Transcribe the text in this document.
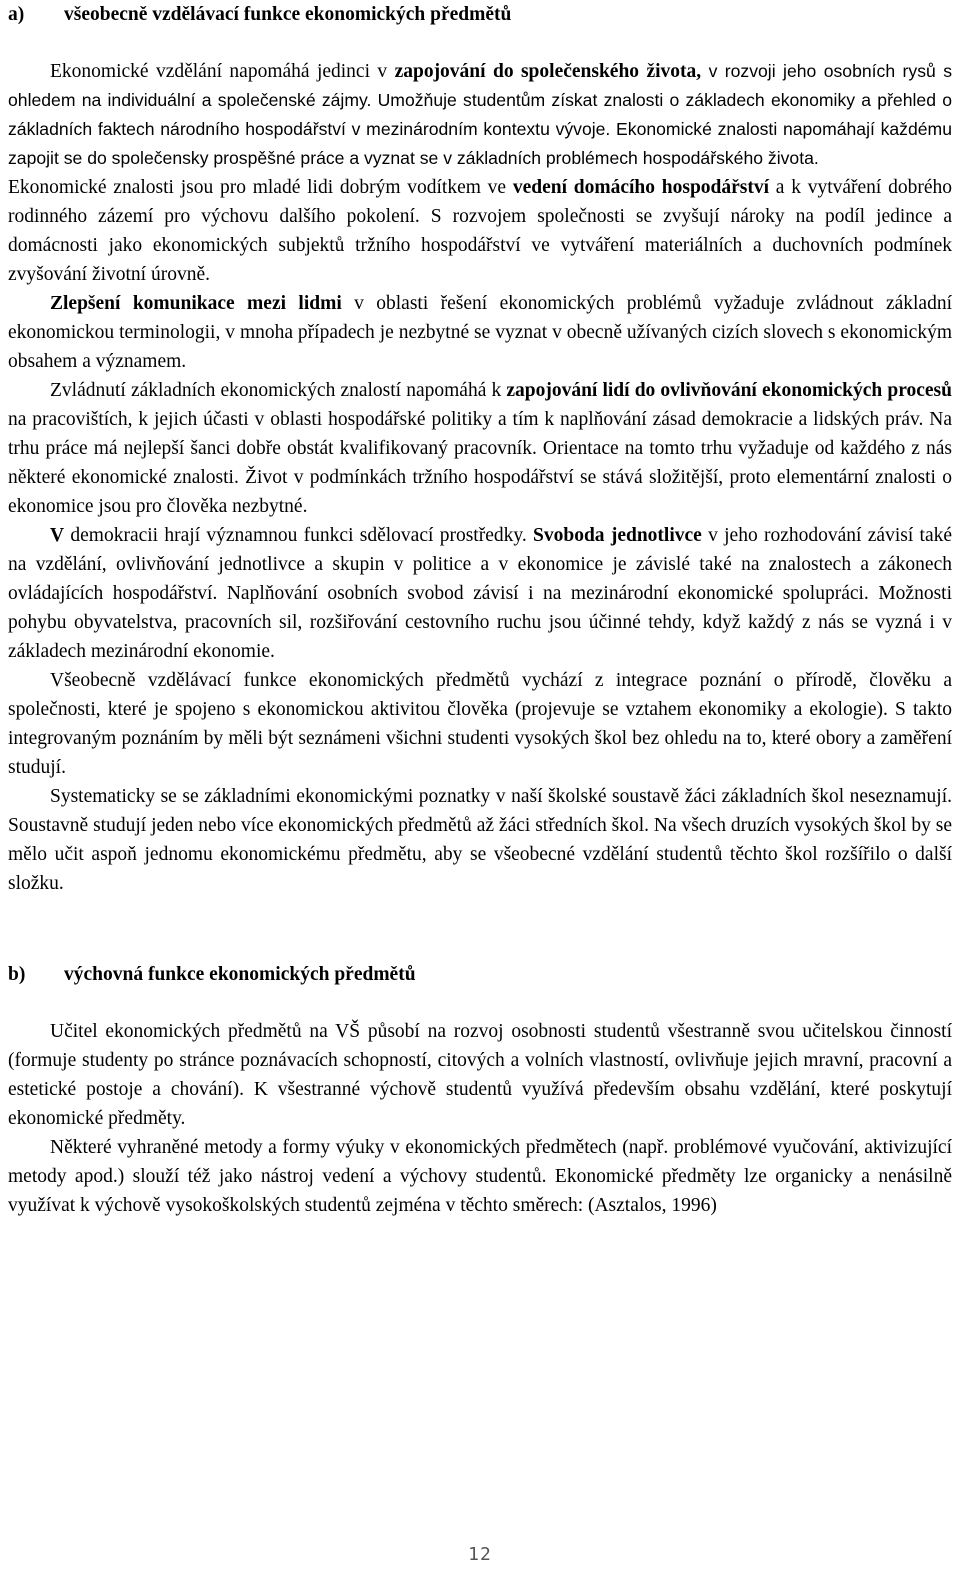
a) všeobecně vzdělávací funkce ekonomických předmětů

Ekonomické vzdělání napomáhá jedinci v zapojování do společenského života, v rozvoji jeho osobních rysů s ohledem na individuální a společenské zájmy. Umožňuje studentům získat znalosti o základech ekonomiky a přehled o základních faktech národního hospodářství v mezinárodním kontextu vývoje. Ekonomické znalosti napomáhají každému zapojit se do společensky prospěšné práce a vyznat se v základních problémech hospodářského života.

Ekonomické znalosti jsou pro mladé lidi dobrým vodítkem ve vedení domácího hospodářství a k vytváření dobrého rodinného zázemí pro výchovu dalšího pokolení. S rozvojem společnosti se zvyšují nároky na podíl jedince a domácnosti jako ekonomických subjektů tržního hospodářství ve vytváření materiálních a duchovních podmínek zvyšování životní úrovně.

Zlepšení komunikace mezi lidmi v oblasti řešení ekonomických problémů vyžaduje zvládnout základní ekonomickou terminologii, v mnoha případech je nezbytné se vyznat v obecně užívaných cizích slovech s ekonomickým obsahem a významem.

Zvládnutí základních ekonomických znalostí napomáhá k zapojování lidí do ovlivňování ekonomických procesů na pracovištích, k jejich účasti v oblasti hospodářské politiky a tím k naplňování zásad demokracie a lidských práv. Na trhu práce má nejlepší šanci dobře obstát kvalifikovaný pracovník. Orientace na tomto trhu vyžaduje od každého z nás některé ekonomické znalosti. Život v podmínkách tržního hospodářství se stává složitější, proto elementární znalosti o ekonomice jsou pro člověka nezbytné.

V demokracii hrají významnou funkci sdělovací prostředky. Svoboda jednotlivce v jeho rozhodování závisí také na vzdělání, ovlivňování jednotlivce a skupin v politice a v ekonomice je závislé také na znalostech a zákonech ovládajících hospodářství. Naplňování osobních svobod závisí i na mezinárodní ekonomické spolupráci. Možnosti pohybu obyvatelstva, pracovních sil, rozšiřování cestovního ruchu jsou účinné tehdy, když každý z nás se vyzná i v základech mezinárodní ekonomie.

Všeobecně vzdělávací funkce ekonomických předmětů vychází z integrace poznání o přírodě, člověku a společnosti, které je spojeno s ekonomickou aktivitou člověka (projevuje se vztahem ekonomiky a ekologie). S takto integrovaným poznáním by měli být seznámeni všichni studenti vysokých škol bez ohledu na to, které obory a zaměření studují.

Systematicky se se základními ekonomickými poznatky v naší školské soustavě žáci základních škol neseznamují. Soustavně studují jeden nebo více ekonomických předmětů až žáci středních škol. Na všech druzích vysokých škol by se mělo učit aspoň jednomu ekonomickému předmětu, aby se všeobecné vzdělání studentů těchto škol rozšířilo o další složku.

b) výchovná funkce ekonomických předmětů

Učitel ekonomických předmětů na VŠ působí na rozvoj osobnosti studentů všestranně svou učitelskou činností (formuje studenty po stránce poznávacích schopností, citových a volních vlastností, ovlivňuje jejich mravní, pracovní a estetické postoje a chování). K všestranné výchově studentů využívá především obsahu vzdělání, které poskytují ekonomické předměty.

Některé vyhraněné metody a formy výuky v ekonomických předmětech (např. problémové vyučování, aktivizující metody apod.) slouží též jako nástroj vedení a výchovy studentů. Ekonomické předměty lze organicky a nenásilně využívat k výchově vysokoškolských studentů zejména v těchto směrech: (Asztalos, 1996)

12
